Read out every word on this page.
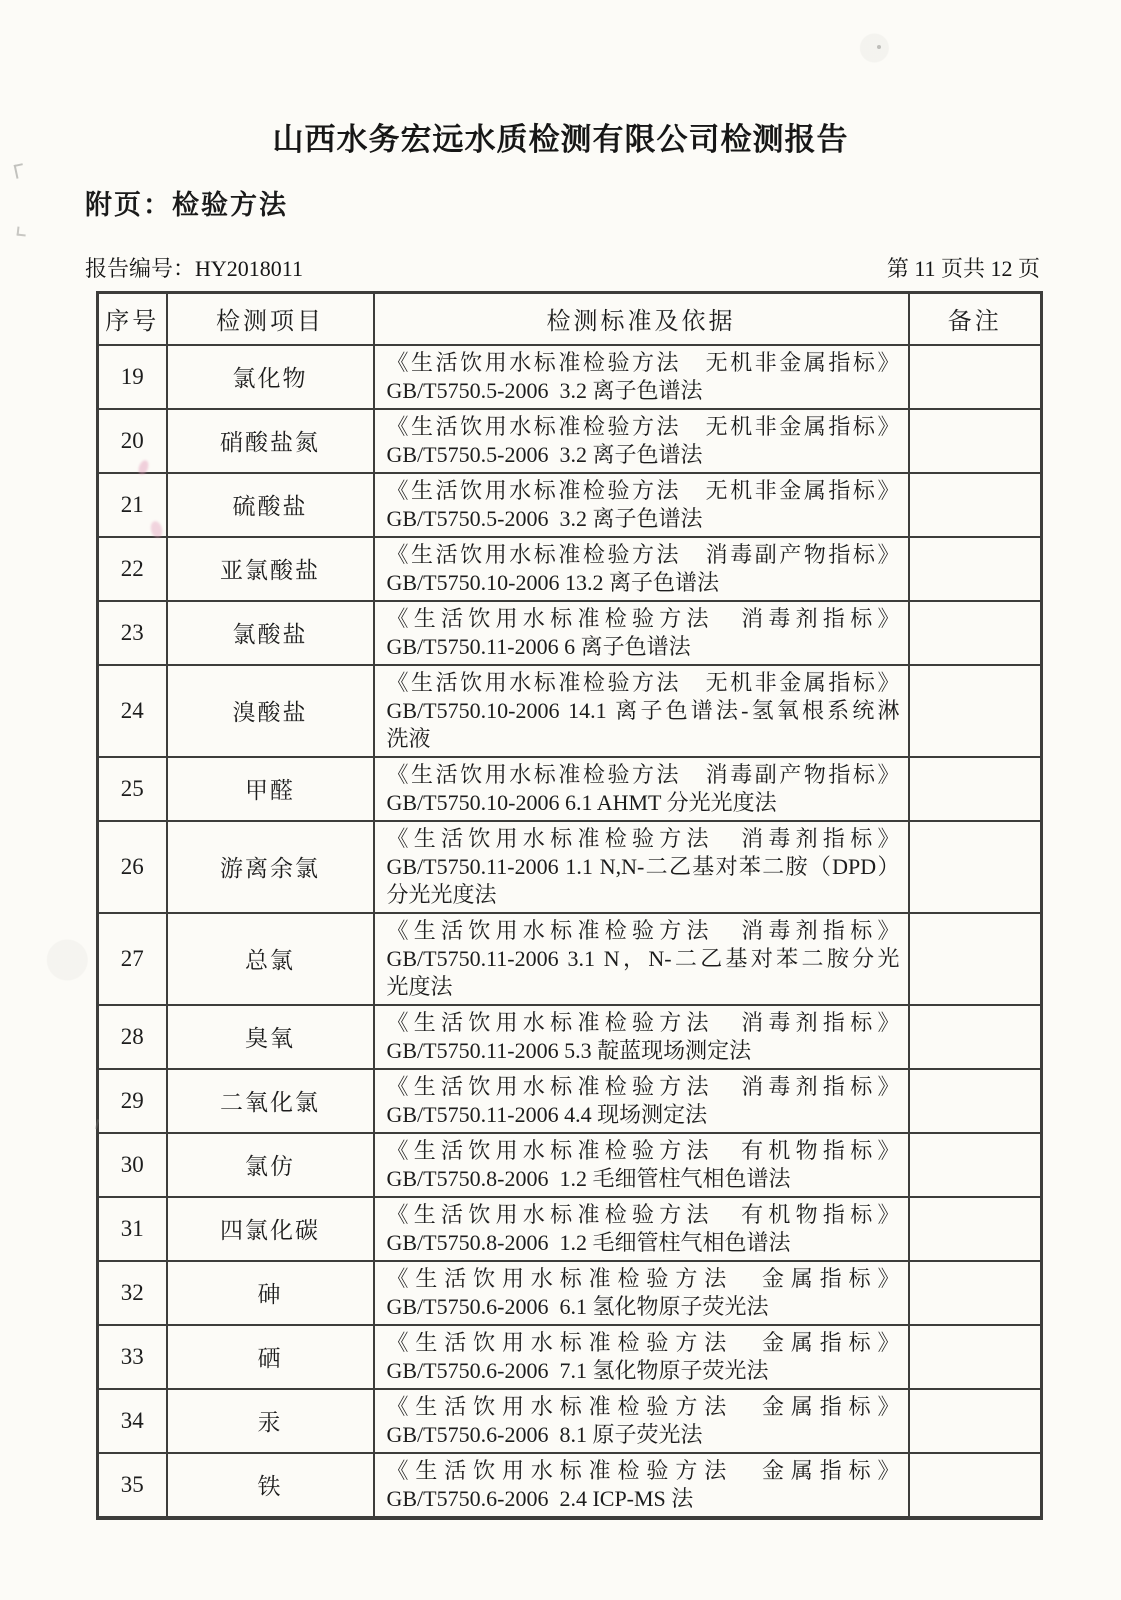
山西水务宏远水质检测有限公司检测报告
附页：检验方法
报告编号：HY2018011	第 11 页共 12 页
序号	检测项目	检测标准及依据	备注
19	氯化物	《生活饮用水标准检验方法　无机非金属指标》
GB/T5750.5-2006  3.2 离子色谱法	

20	硝酸盐氮	《生活饮用水标准检验方法　无机非金属指标》
GB/T5750.5-2006  3.2 离子色谱法	

21	硫酸盐	《生活饮用水标准检验方法　无机非金属指标》
GB/T5750.5-2006  3.2 离子色谱法	

22	亚氯酸盐	《生活饮用水标准检验方法　消毒副产物指标》
GB/T5750.10-2006 13.2 离子色谱法	

23	氯酸盐	《生活饮用水标准检验方法　消毒剂指标》
GB/T5750.11-2006 6 离子色谱法	

24	溴酸盐	《生活饮用水标准检验方法　无机非金属指标》
GB/T5750.10-2006 14.1 离子色谱法-氢氧根系统淋
洗液	

25	甲醛	《生活饮用水标准检验方法　消毒副产物指标》
GB/T5750.10-2006 6.1 AHMT 分光光度法	

26	游离余氯	《生活饮用水标准检验方法　消毒剂指标》
GB/T5750.11-2006 1.1 N,N-二乙基对苯二胺（DPD）
分光光度法	

27	总氯	《生活饮用水标准检验方法　消毒剂指标》
GB/T5750.11-2006 3.1 N，N-二乙基对苯二胺分光
光度法	

28	臭氧	《生活饮用水标准检验方法　消毒剂指标》
GB/T5750.11-2006 5.3 靛蓝现场测定法	

29	二氧化氯	《生活饮用水标准检验方法　消毒剂指标》
GB/T5750.11-2006 4.4 现场测定法	

30	氯仿	《生活饮用水标准检验方法　有机物指标》
GB/T5750.8-2006  1.2 毛细管柱气相色谱法	

31	四氯化碳	《生活饮用水标准检验方法　有机物指标》
GB/T5750.8-2006  1.2 毛细管柱气相色谱法	

32	砷	《生活饮用水标准检验方法　金属指标》
GB/T5750.6-2006  6.1 氢化物原子荧光法	

33	硒	《生活饮用水标准检验方法　金属指标》
GB/T5750.6-2006  7.1 氢化物原子荧光法	

34	汞	《生活饮用水标准检验方法　金属指标》
GB/T5750.6-2006  8.1 原子荧光法	

35	铁	《生活饮用水标准检验方法　金属指标》
GB/T5750.6-2006  2.4 ICP-MS 法	
